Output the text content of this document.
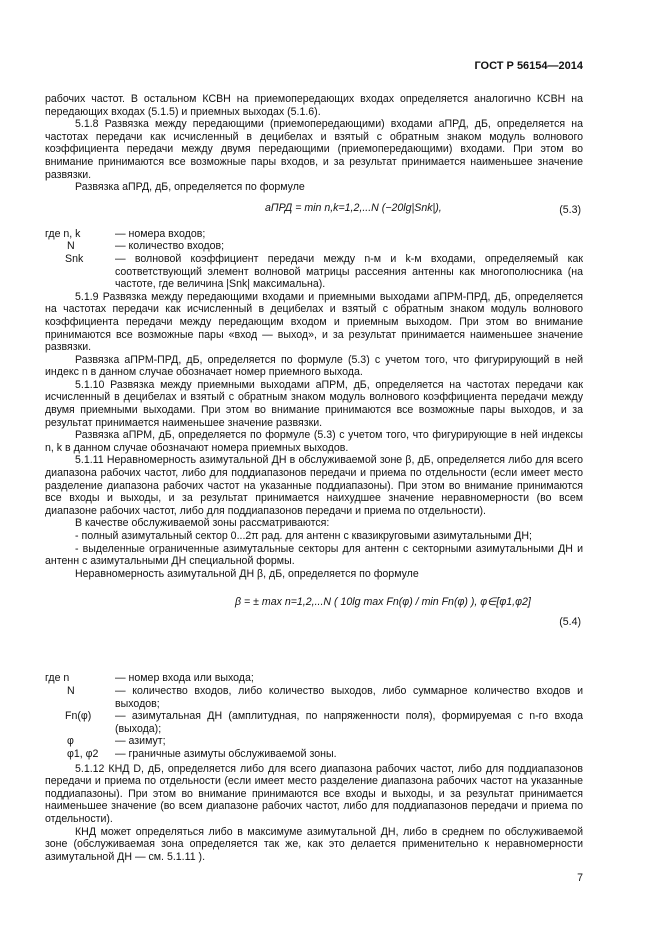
ГОСТ Р 56154—2014

рабочих частот. В остальном КСВН на приемопередающих входах определяется аналогично КСВН на передающих входах (5.1.5) и приемных выходах (5.1.6).

5.1.8 Развязка между передающими (приемопередающими) входами aПРД, дБ, определяется на частотах передачи как исчисленный в децибелах и взятый с обратным знаком модуль волнового коэффициента передачи между двумя передающими (приемопередающими) входами. При этом во внимание принимаются все возможные пары входов, и за результат принимается наименьшее значение развязки.

Развязка aПРД, дБ, определяется по формуле

aПРД = min n,k=1,2,...N (−20lg|Snk|),	(5.3)
где n, k	— номера входов;
N	— количество входов;
Snk	— волновой коэффициент передачи между n-м и k-м входами, определяемый как соответствующий элемент волновой матрицы рассеяния антенны как многополюсника (на частоте, где величина |Snk| максимальна).

5.1.9 Развязка между передающими входами и приемными выходами aПРМ-ПРД, дБ, определяется на частотах передачи как исчисленный в децибелах и взятый с обратным знаком модуль волнового коэффициента передачи между передающим входом и приемным выходом. При этом во внимание принимаются все возможные пары «вход — выход», и за результат принимается наименьшее значение развязки.

Развязка aПРМ-ПРД, дБ, определяется по формуле (5.3) с учетом того, что фигурирующий в ней индекс n в данном случае обозначает номер приемного выхода.

5.1.10 Развязка между приемными выходами aПРМ, дБ, определяется на частотах передачи как исчисленный в децибелах и взятый с обратным знаком модуль волнового коэффициента передачи между двумя приемными выходами. При этом во внимание принимаются все возможные пары выходов, и за результат принимается наименьшее значение развязки.

Развязка aПРМ, дБ, определяется по формуле (5.3) с учетом того, что фигурирующие в ней индексы n, k в данном случае обозначают номера приемных выходов.

5.1.11 Неравномерность азимутальной ДН в обслуживаемой зоне β, дБ, определяется либо для всего диапазона рабочих частот, либо для поддиапазонов передачи и приема по отдельности (если имеет место разделение диапазона рабочих частот на указанные поддиапазоны). При этом во внимание принимаются все входы и выходы, и за результат принимается наихудшее значение неравномерности (во всем диапазоне рабочих частот, либо для поддиапазонов передачи и приема по отдельности).

В качестве обслуживаемой зоны рассматриваются:

- полный азимутальный сектор 0...2π рад. для антенн с квазикруговыми азимутальными ДН;

- выделенные ограниченные азимутальные секторы для антенн с секторными азимутальными ДН и антенн с азимутальными ДН специальной формы.

Неравномерность азимутальной ДН β, дБ, определяется по формуле

β = ± max n=1,2,...N ( 10lg max Fn(φ) / min Fn(φ) ), φ∈[φ1,φ2]
(5.4)
где n	— номер входа или выхода;
N	— количество входов, либо количество выходов, либо суммарное количество входов и выходов;
Fn(φ)	— азимутальная ДН (амплитудная, по напряженности поля), формируемая с n-го входа (выхода);
φ	— азимут;
φ1, φ2	— граничные азимуты обслуживаемой зоны.

5.1.12 КНД D, дБ, определяется либо для всего диапазона рабочих частот, либо для поддиапазонов передачи и приема по отдельности (если имеет место разделение диапазона рабочих частот на указанные поддиапазоны). При этом во внимание принимаются все входы и выходы, и за результат принимается наименьшее значение (во всем диапазоне рабочих частот, либо для поддиапазонов передачи и приема по отдельности).

КНД может определяться либо в максимуме азимутальной ДН, либо в среднем по обслуживаемой зоне (обслуживаемая зона определяется так же, как это делается применительно к неравномерности азимутальной ДН — см. 5.1.11 ).

7
